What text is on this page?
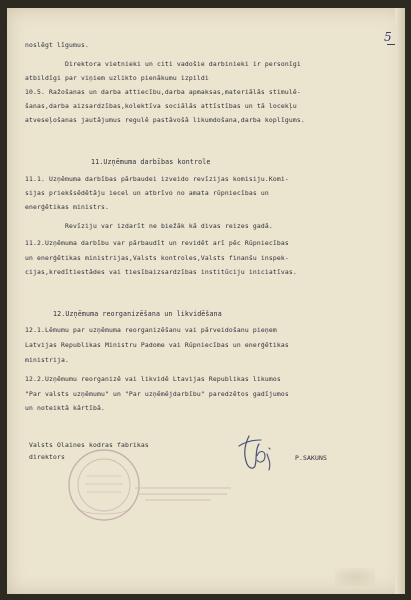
5
noslēgt līgumus.
Direktora vietnieki un citi vadošie darbinieki ir personīgi
atbildīgi par viņiem uzlikto pienākumu izpildi
10.5. Ražošanas un darba attiecību,darba apmaksas,materiālās stimulē-
šanas,darba aizsardzības,kolektīva sociālās attīstības un tā locekļu
atveseļošanas jautājumus regulē pastāvošā likumdošana,darba koplīgums.
11.Uzņēmuma darbības kontrole
11.1. Uzņēmuma darbības pārbaudei izveido revīzijas komisiju.Komi-
sijas priekšsēdētāju iecel un atbrīvo no amata rūpniecības un
enerģētikas ministrs.
Revīziju var izdarīt ne biežāk kā divas reizes gadā.
11.2.Uzņēmuma darbību var pārbaudīt un revidēt arī pēc Rūpniecības
un enerģētikas ministrijas,Valsts kontroles,Valsts finanšu inspek-
cijas,kredītiestādes vai tiesībaizsardzības institūciju iniciatīvas.
12.Uzņēmuma reorganizēšana un likvidēšana
12.1.Lēmumu par uzņēmuma reorganizēšanu vai pārveidošanu pieņem
Latvijas Republikas Ministru Padome vai Rūpniecības un enerģētikas
ministrija.
12.2.Uzņēmumu reorganizē vai likvidē Ltavijas Republikas likumos
"Par valsts uzņēmumu" un "Par uzņēmējdarbību" paredzētos gadījumos
un noteiktā kārtībā.
Valsts Olaines kodras fabrikas
direktors	P.SAKUNS
